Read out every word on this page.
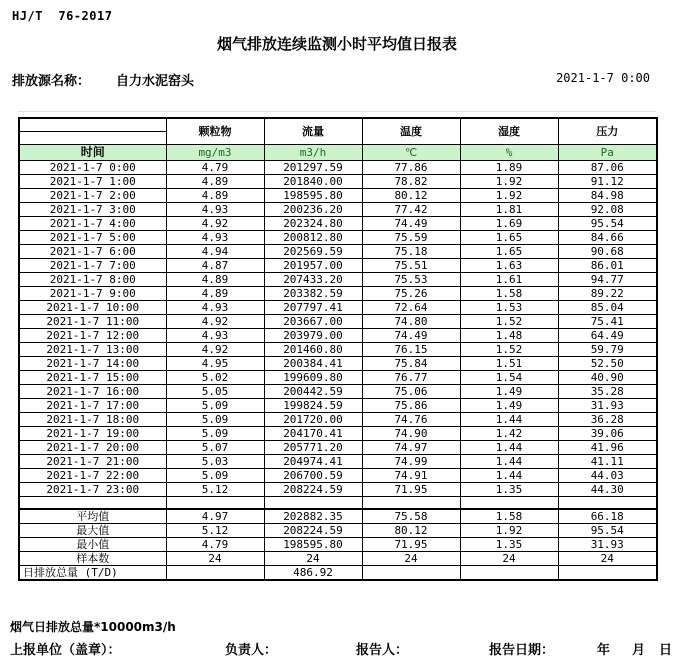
HJ/T  76-2017
烟气排放连续监测小时平均值日报表
排放源名称： 自力水泥窑头	2021-1-7 0:00
	颗粒物	流量	温度	湿度	压力

时间	mg/m3	m3/h	℃	%	Pa
2021-1-7 0:00	4.79	201297.59	77.86	1.89	87.06
2021-1-7 1:00	4.89	201840.00	78.82	1.92	91.12
2021-1-7 2:00	4.89	198595.80	80.12	1.92	84.98
2021-1-7 3:00	4.93	200236.20	77.42	1.81	92.08
2021-1-7 4:00	4.92	202324.80	74.49	1.69	95.54
2021-1-7 5:00	4.93	200812.80	75.59	1.65	84.66
2021-1-7 6:00	4.94	202569.59	75.18	1.65	90.68
2021-1-7 7:00	4.87	201957.00	75.51	1.63	86.01
2021-1-7 8:00	4.89	207433.20	75.53	1.61	94.77
2021-1-7 9:00	4.89	203382.59	75.26	1.58	89.22
2021-1-7 10:00	4.93	207797.41	72.64	1.53	85.04
2021-1-7 11:00	4.92	203667.00	74.80	1.52	75.41
2021-1-7 12:00	4.93	203979.00	74.49	1.48	64.49
2021-1-7 13:00	4.92	201460.80	76.15	1.52	59.79
2021-1-7 14:00	4.95	200384.41	75.84	1.51	52.50
2021-1-7 15:00	5.02	199609.80	76.77	1.54	40.90
2021-1-7 16:00	5.05	200442.59	75.06	1.49	35.28
2021-1-7 17:00	5.09	199824.59	75.86	1.49	31.93
2021-1-7 18:00	5.09	201720.00	74.76	1.44	36.28
2021-1-7 19:00	5.09	204170.41	74.90	1.42	39.06
2021-1-7 20:00	5.07	205771.20	74.97	1.44	41.96
2021-1-7 21:00	5.03	204974.41	74.99	1.44	41.11
2021-1-7 22:00	5.09	206700.59	74.91	1.44	44.03
2021-1-7 23:00	5.12	208224.59	71.95	1.35	44.30

平均值	4.97	202882.35	75.58	1.58	66.18
最大值	5.12	208224.59	80.12	1.92	95.54
最小值	4.79	198595.80	71.95	1.35	31.93
样本数	24	24	24	24	24
日排放总量 (T/D)		486.92			
烟气日排放总量*10000m3/h
上报单位（盖章）：	负责人：	报告人：	报告日期：	年 月 日
